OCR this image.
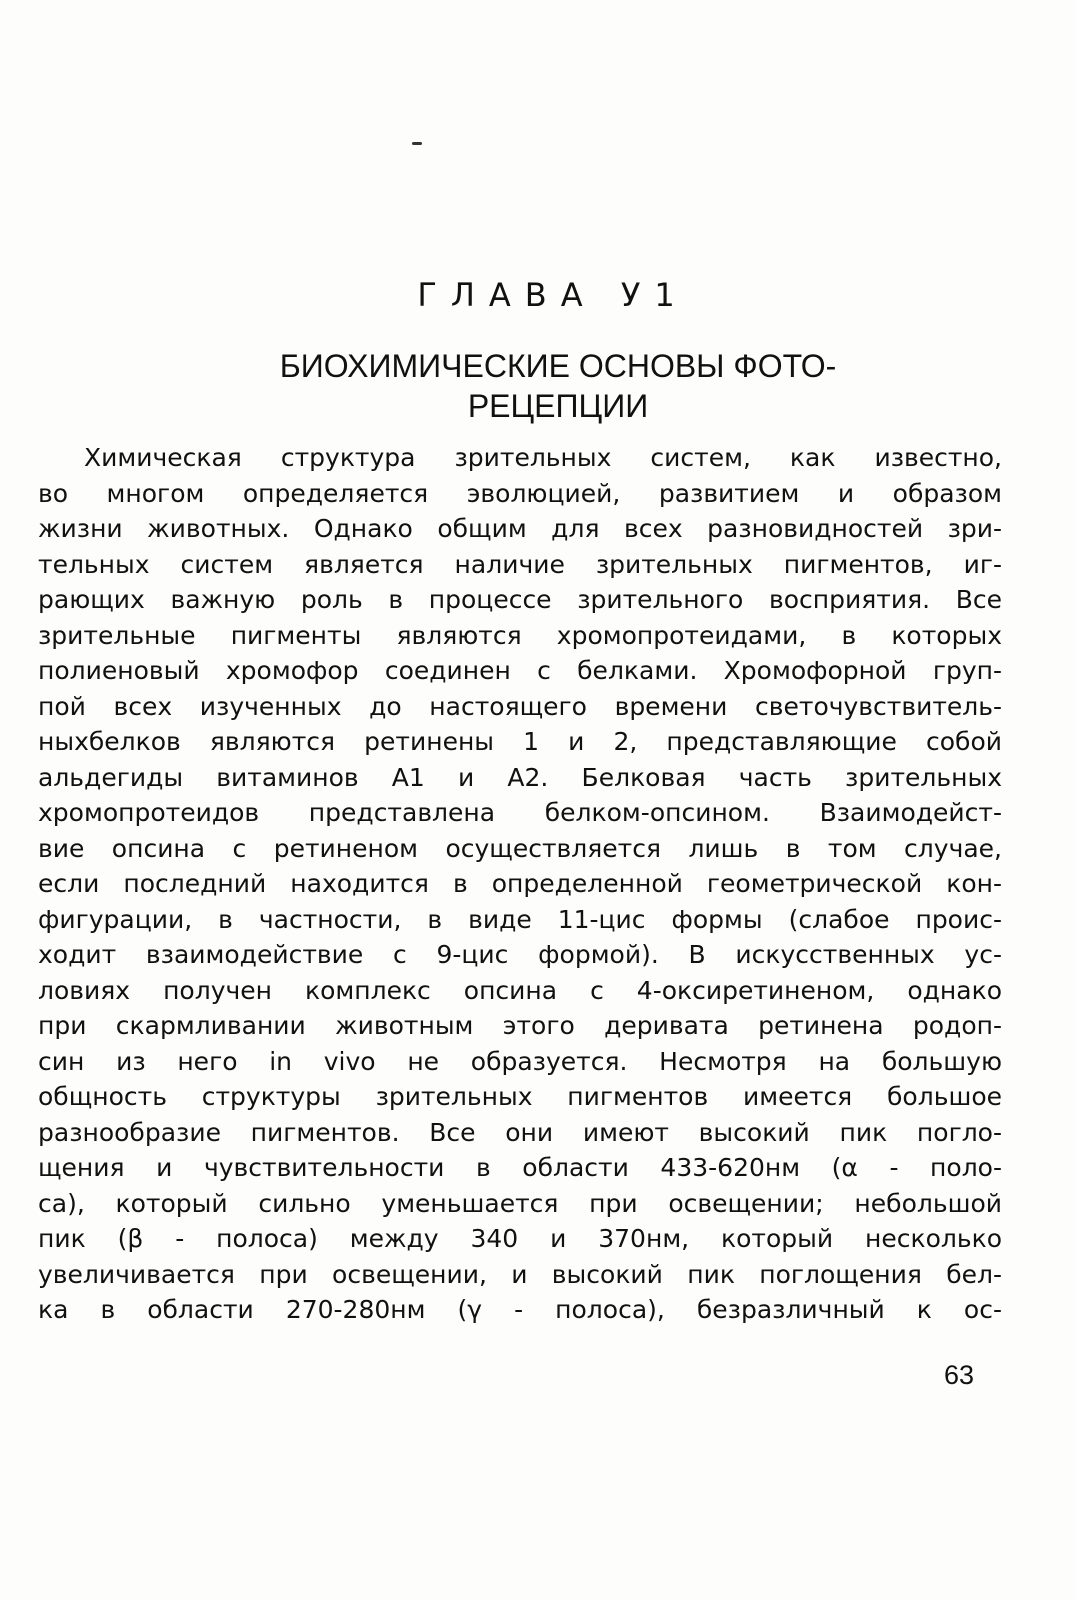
ГЛАВА У1
БИОХИМИЧЕСКИЕ ОСНОВЫ ФОТО-
РЕЦЕПЦИИ
Химическая структура зрительных систем, как известно,
во многом определяется эволюцией, развитием и образом
жизни животных. Однако общим для всех разновидностей зри-
тельных систем является наличие зрительных пигментов, иг-
рающих важную роль в процессе зрительного восприятия. Все
зрительные пигменты являются хромопротеидами, в которых
полиеновый хромофор соединен с белками. Хромофорной груп-
пой всех изученных до настоящего времени светочувствитель-
ныхбелков являются ретинены 1 и 2, представляющие собой
альдегиды витаминов А1 и А2. Белковая часть зрительных
хромопротеидов представлена белком-опсином. Взаимодейст-
вие опсина с ретиненом осуществляется лишь в том случае,
если последний находится в определенной геометрической кон-
фигурации, в частности, в виде 11-цис формы (слабое проис-
ходит взаимодействие с 9-цис формой). В искусственных ус-
ловиях получен комплекс опсина с 4-оксиретиненом, однако
при скармливании животным этого деривата ретинена родоп-
син из него in vivo не образуется. Несмотря на большую
общность структуры зрительных пигментов имеется большое
разнообразие пигментов. Все они имеют высокий пик погло-
щения и чувствительности в области 433-620нм (α - поло-
са), который сильно уменьшается при освещении; небольшой
пик (β - полоса) между 340 и 370нм, который несколько
увеличивается при освещении, и высокий пик поглощения бел-
ка в области 270-280нм (γ - полоса), безразличный к ос-
63
